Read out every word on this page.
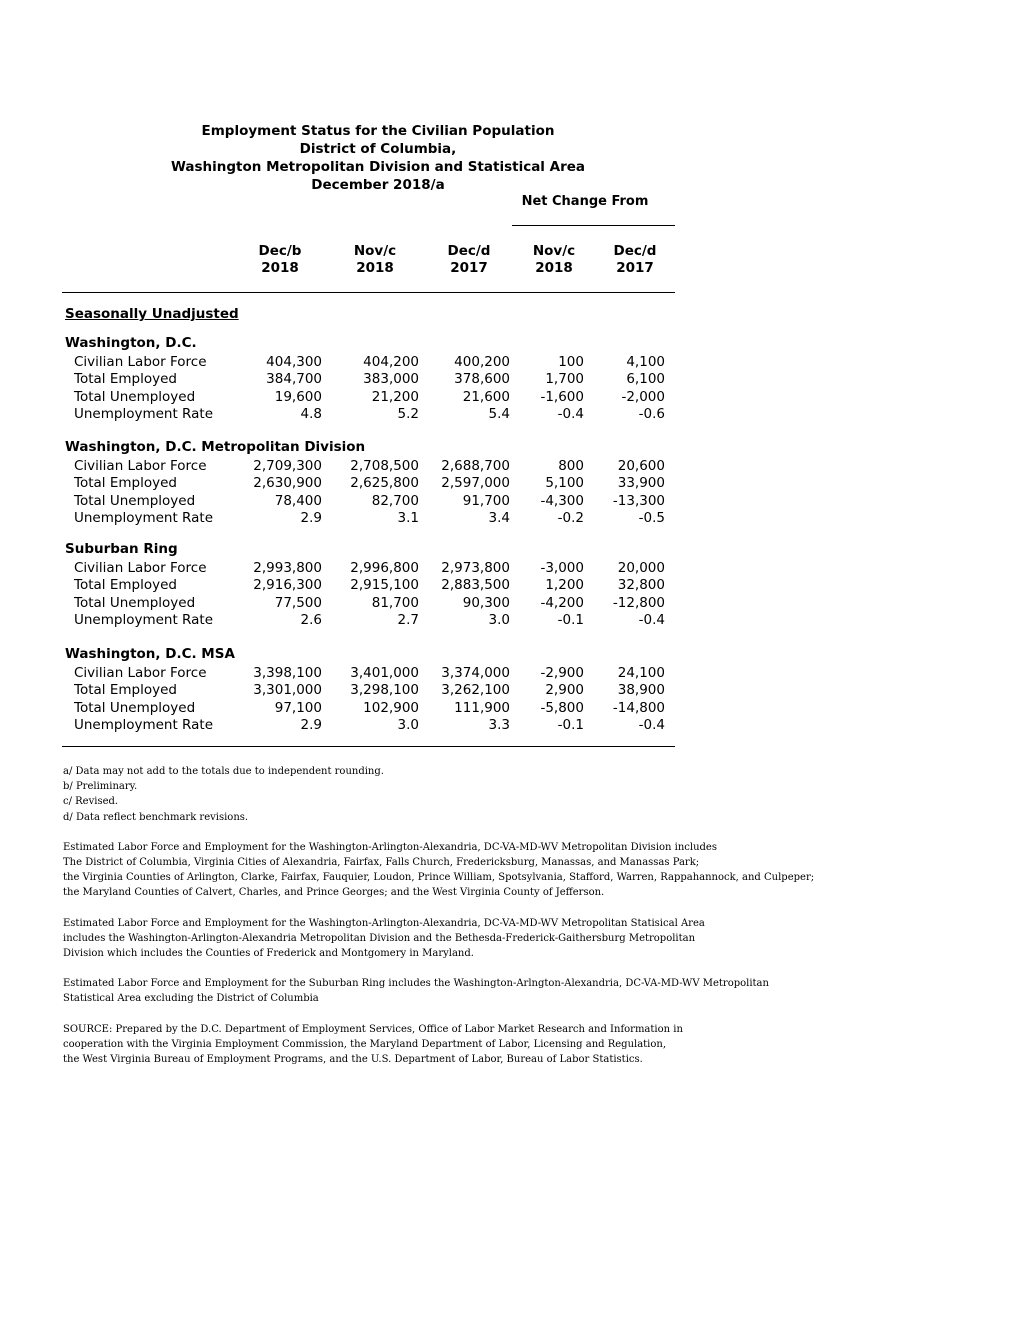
Employment Status for the Civilian Population
District of Columbia,
Washington Metropolitan Division and Statistical Area
December 2018/a
Net Change From
Dec/b
2018
Nov/c
2018
Dec/d
2017
Nov/c
2018
Dec/d
2017
Seasonally Unadjusted
Washington, D.C.
Civilian Labor Force	404,300	404,200	400,200	100	4,100
Total Employed	384,700	383,000	378,600	1,700	6,100
Total Unemployed	19,600	21,200	21,600	-1,600	-2,000
Unemployment Rate	4.8	5.2	5.4	-0.4	-0.6
Washington, D.C. Metropolitan Division
Civilian Labor Force	2,709,300	2,708,500	2,688,700	800	20,600
Total Employed	2,630,900	2,625,800	2,597,000	5,100	33,900
Total Unemployed	78,400	82,700	91,700	-4,300	-13,300
Unemployment Rate	2.9	3.1	3.4	-0.2	-0.5
Suburban Ring
Civilian Labor Force	2,993,800	2,996,800	2,973,800	-3,000	20,000
Total Employed	2,916,300	2,915,100	2,883,500	1,200	32,800
Total Unemployed	77,500	81,700	90,300	-4,200	-12,800
Unemployment Rate	2.6	2.7	3.0	-0.1	-0.4
Washington, D.C. MSA
Civilian Labor Force	3,398,100	3,401,000	3,374,000	-2,900	24,100
Total Employed	3,301,000	3,298,100	3,262,100	2,900	38,900
Total Unemployed	97,100	102,900	111,900	-5,800	-14,800
Unemployment Rate	2.9	3.0	3.3	-0.1	-0.4

a/ Data may not add to the totals due to independent rounding.

b/ Preliminary.

c/ Revised.

d/ Data reflect benchmark revisions.

Estimated Labor Force and Employment for the Washington-Arlington-Alexandria, DC-VA-MD-WV Metropolitan Division includes

The District of Columbia, Virginia Cities of Alexandria, Fairfax, Falls Church, Fredericksburg, Manassas, and Manassas Park;

the Virginia Counties of Arlington, Clarke, Fairfax, Fauquier, Loudon, Prince William, Spotsylvania, Stafford, Warren, Rappahannock, and Culpeper;

the Maryland Counties of Calvert, Charles, and Prince Georges; and the West Virginia County of Jefferson.

Estimated Labor Force and Employment for the Washington-Arlington-Alexandria, DC-VA-MD-WV Metropolitan Statisical Area

includes the Washington-Arlington-Alexandria Metropolitan Division and the Bethesda-Frederick-Gaithersburg Metropolitan

Division which includes the Counties of Frederick and Montgomery in Maryland.

Estimated Labor Force and Employment for the Suburban Ring includes the Washington-Arlngton-Alexandria, DC-VA-MD-WV Metropolitan

Statistical Area excluding the District of Columbia

SOURCE: Prepared by the D.C. Department of Employment Services, Office of Labor Market Research and Information in

cooperation with the Virginia Employment Commission, the Maryland Department of Labor, Licensing and Regulation,

the West Virginia Bureau of Employment Programs, and the U.S. Department of Labor, Bureau of Labor Statistics.
